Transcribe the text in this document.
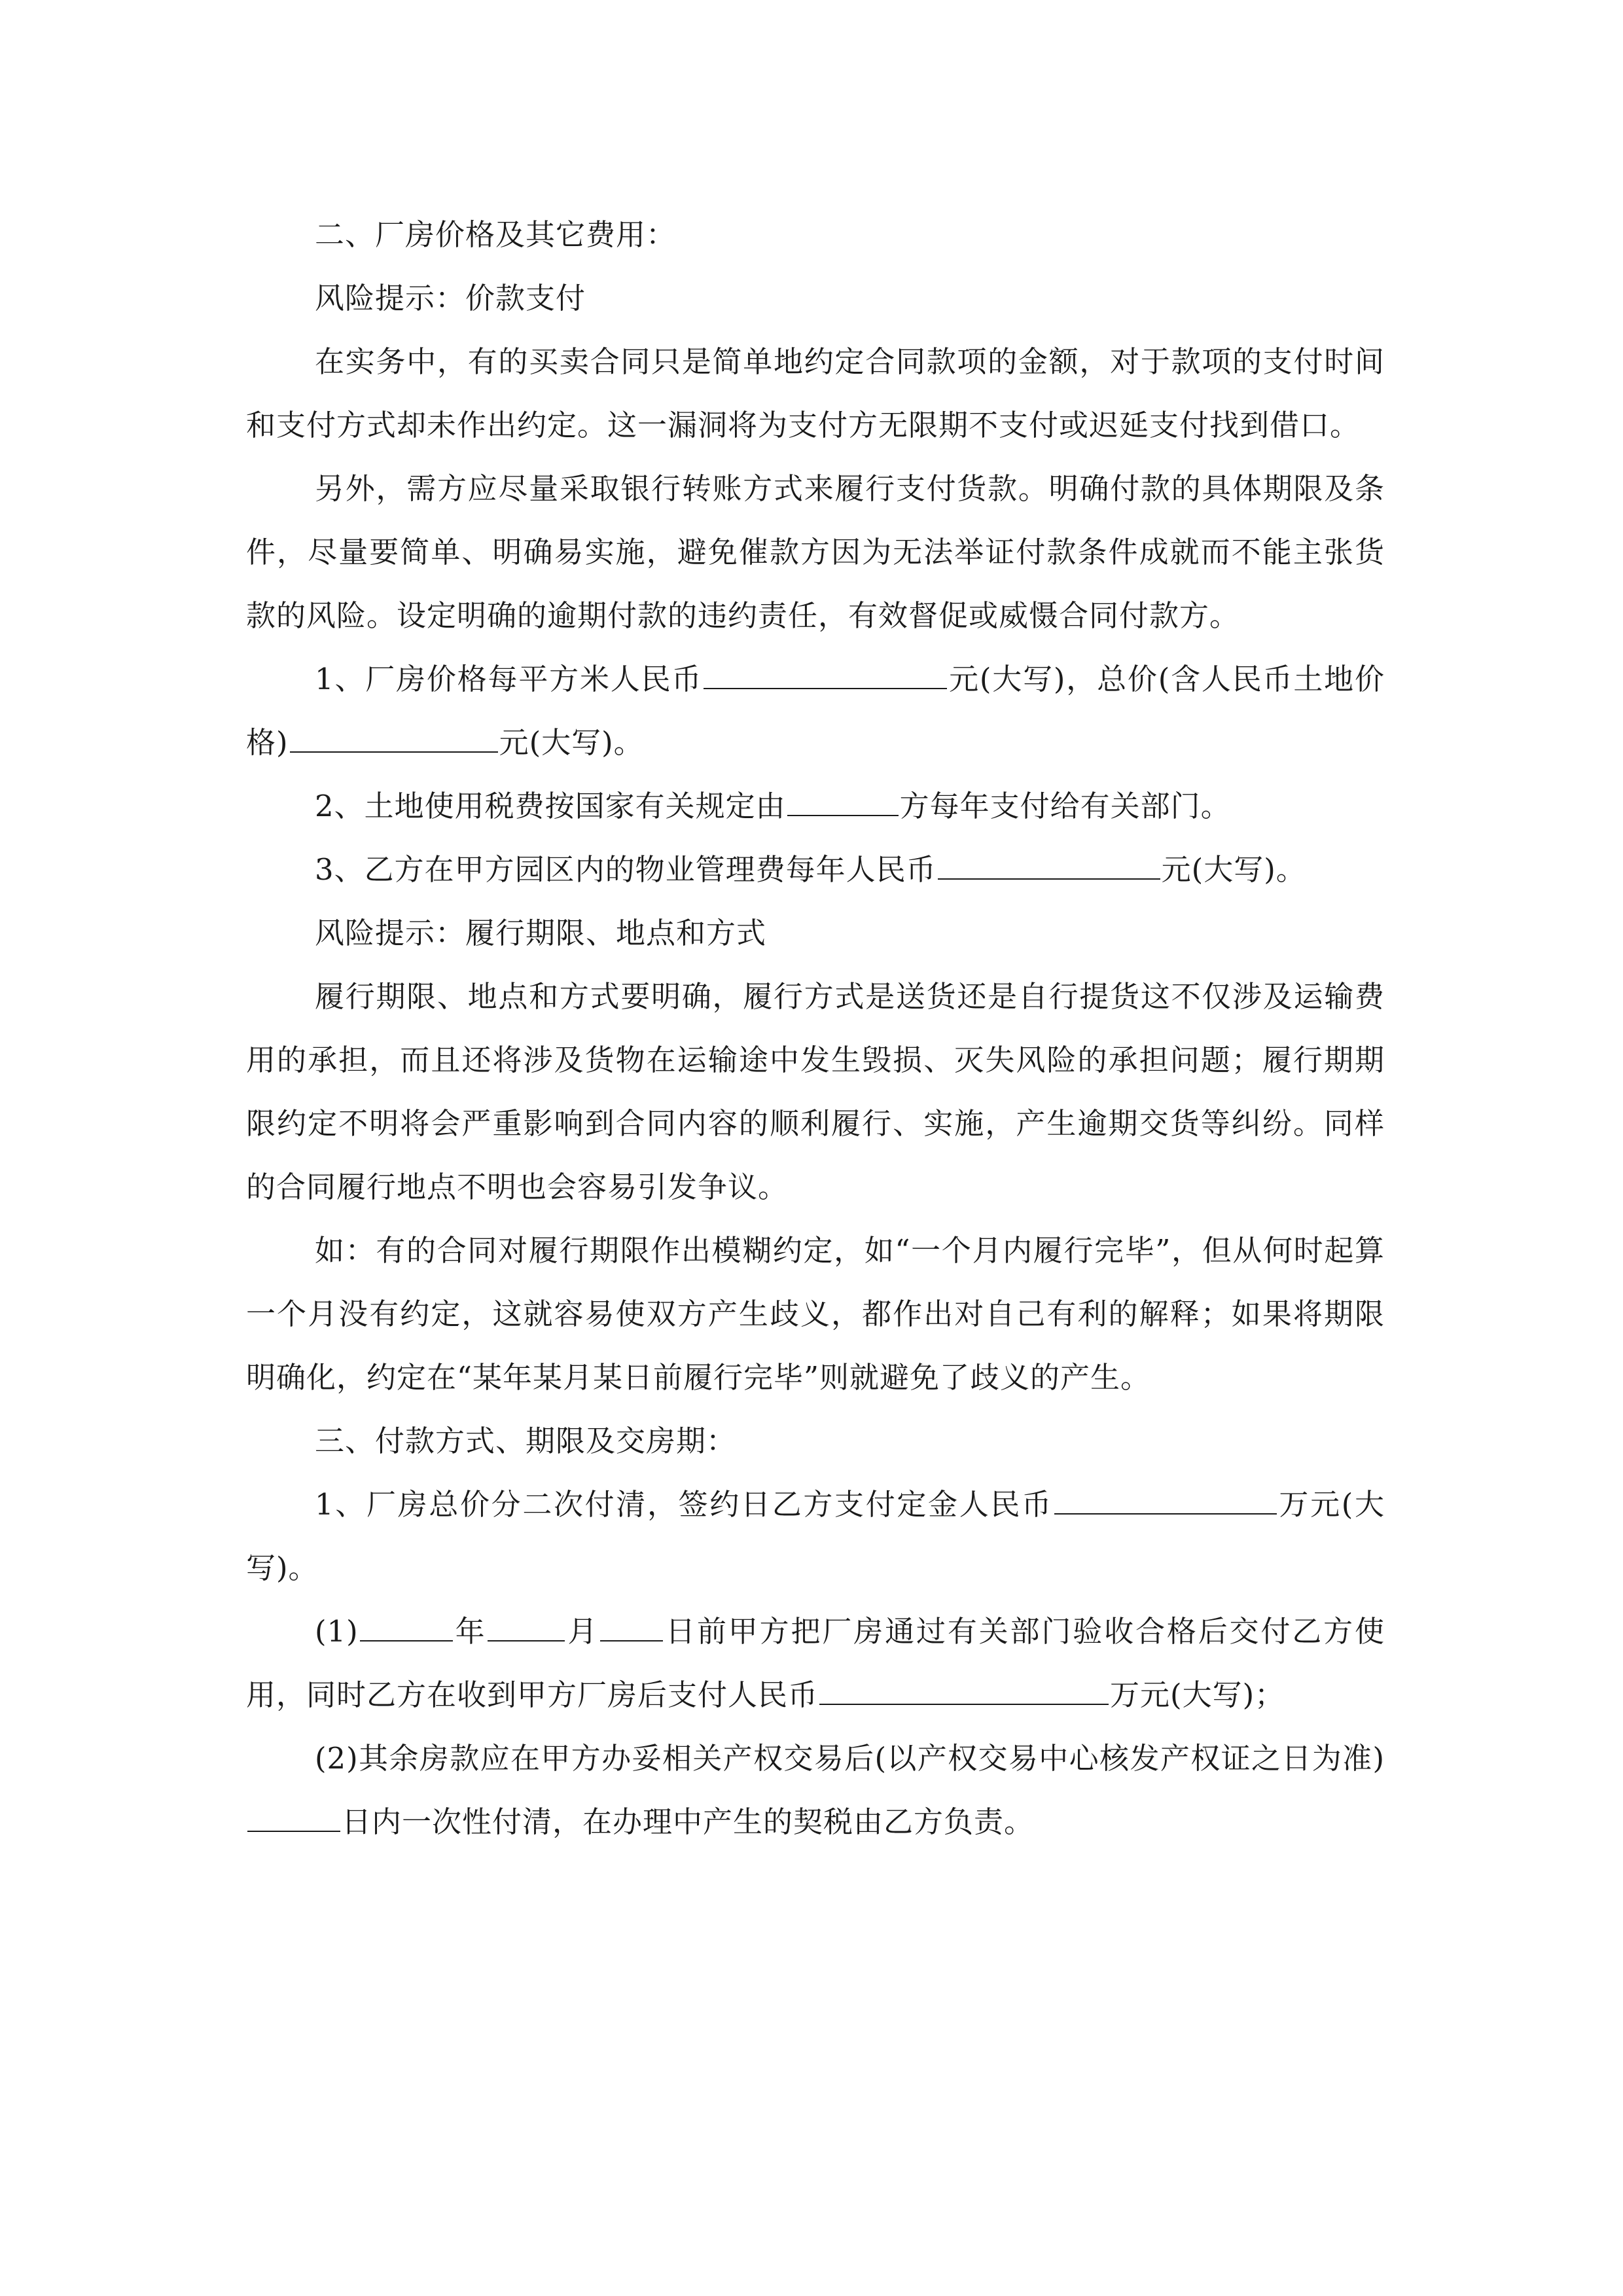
二、厂房价格及其它费用：

风险提示：价款支付

在实务中，有的买卖合同只是简单地约定合同款项的金额，对于款项的支付时间和支付方式却未作出约定。这一漏洞将为支付方无限期不支付或迟延支付找到借口。

另外，需方应尽量采取银行转账方式来履行支付货款。明确付款的具体期限及条件，尽量要简单、明确易实施，避免催款方因为无法举证付款条件成就而不能主张货款的风险。设定明确的逾期付款的违约责任，有效督促或威慑合同付款方。

1、厂房价格每平方米人民币	元(大写)，总价(含人民币土地价格)	元(大写)。

2、土地使用税费按国家有关规定由	方每年支付给有关部门。

3、乙方在甲方园区内的物业管理费每年人民币	元(大写)。

风险提示：履行期限、地点和方式

履行期限、地点和方式要明确，履行方式是送货还是自行提货这不仅涉及运输费用的承担，而且还将涉及货物在运输途中发生毁损、灭失风险的承担问题；履行期期限约定不明将会严重影响到合同内容的顺利履行、实施，产生逾期交货等纠纷。同样的合同履行地点不明也会容易引发争议。

如：有的合同对履行期限作出模糊约定，如“一个月内履行完毕”，但从何时起算一个月没有约定，这就容易使双方产生歧义，都作出对自己有利的解释；如果将期限明确化，约定在“某年某月某日前履行完毕”则就避免了歧义的产生。

三、付款方式、期限及交房期：

1、厂房总价分二次付清，签约日乙方支付定金人民币	万元(大写)。

(1)	年	月 日前甲方把厂房通过有关部门验收合格后交付乙方使用，同时乙方在收到甲方厂房后支付人民币	万元(大写)；

(2)其余房款应在甲方办妥相关产权交易后(以产权交易中心核发产权证之日为准)日内一次性付清，在办理中产生的契税由乙方负责。
